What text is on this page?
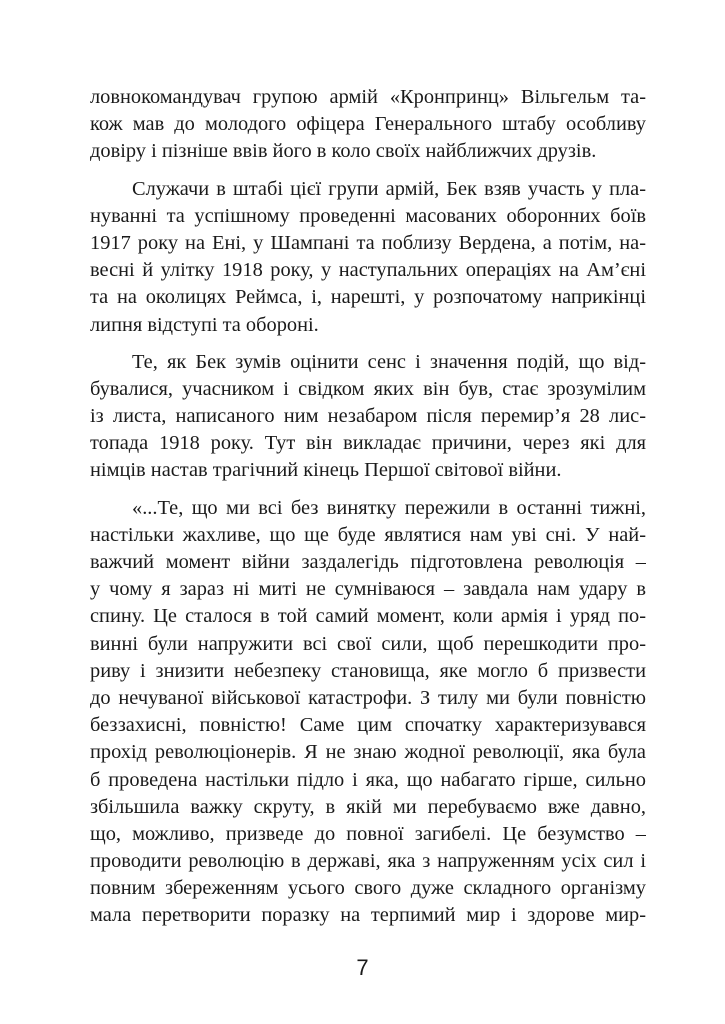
ловнокомандувач групою армій «Кронпринц» Вільгельм та-
кож мав до молодого офіцера Генерального штабу особливу
довіру і пізніше ввів його в коло своїх найближчих друзів.
Служачи в штабі цієї групи армій, Бек взяв участь у пла-
нуванні та успішному проведенні масованих оборонних боїв
1917 року на Ені, у Шампані та поблизу Вердена, а потім, на-
весні й улітку 1918 року, у наступальних операціях на Ам’єні
та на околицях Реймса, і, нарешті, у розпочатому наприкінці
липня відступі та обороні.
Те, як Бек зумів оцінити сенс і значення подій, що від-
бувалися, учасником і свідком яких він був, стає зрозумілим
із листа, написаного ним незабаром після перемир’я 28 лис-
топада 1918 року. Тут він викладає причини, через які для
німців настав трагічний кінець Першої світової війни.
«...Те, що ми всі без винятку пережили в останні тижні,
настільки жахливе, що ще буде являтися нам уві сні. У най-
важчий момент війни заздалегідь підготовлена революція –
у чому я зараз ні миті не сумніваюся – завдала нам удару в
спину. Це сталося в той самий момент, коли армія і уряд по-
винні були напружити всі свої сили, щоб перешкодити про-
риву і знизити небезпеку становища, яке могло б призвести
до нечуваної військової катастрофи. З тилу ми були повністю
беззахисні, повністю! Саме цим спочатку характеризувався
прохід революціонерів. Я не знаю жодної революції, яка була
б проведена настільки підло і яка, що набагато гірше, сильно
збільшила важку скруту, в якій ми перебуваємо вже давно,
що, можливо, призведе до повної загибелі. Це безумство –
проводити революцію в державі, яка з напруженням усіх сил і
повним збереженням усього свого дуже складного організму
мала перетворити поразку на терпимий мир і здорове мир-
7
